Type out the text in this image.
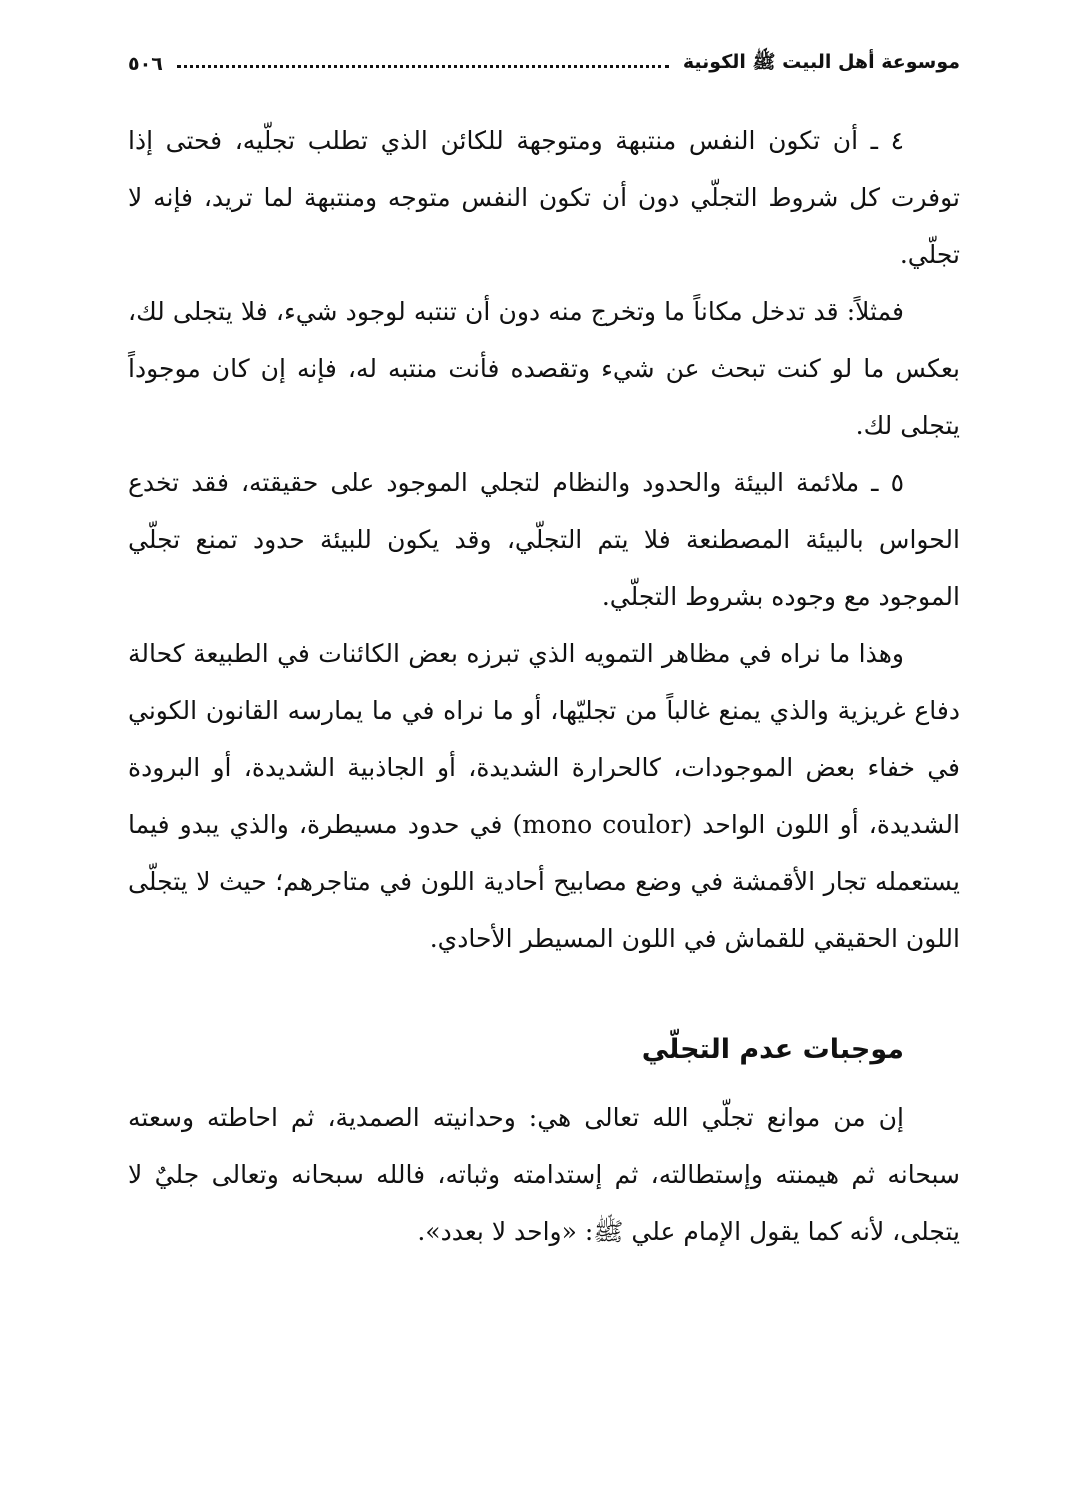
٥٠٦	موسوعة أهل البيت ﷺ الكونية

٤ ـ أن تكون النفس منتبهة ومتوجهة للكائن الذي تطلب تجلّيه، فحتى إذا توفرت كل شروط التجلّي دون أن تكون النفس متوجه ومنتبهة لما تريد، فإنه لا تجلّي.

فمثلاً: قد تدخل مكاناً ما وتخرج منه دون أن تنتبه لوجود شيء، فلا يتجلى لك، بعكس ما لو كنت تبحث عن شيء وتقصده فأنت منتبه له، فإنه إن كان موجوداً يتجلى لك.

٥ ـ ملائمة البيئة والحدود والنظام لتجلي الموجود على حقيقته، فقد تخدع الحواس بالبيئة المصطنعة فلا يتم التجلّي، وقد يكون للبيئة حدود تمنع تجلّي الموجود مع وجوده بشروط التجلّي.

وهذا ما نراه في مظاهر التمويه الذي تبرزه بعض الكائنات في الطبيعة كحالة دفاع غريزية والذي يمنع غالباً من تجليّها، أو ما نراه في ما يمارسه القانون الكوني في خفاء بعض الموجودات، كالحرارة الشديدة، أو الجاذبية الشديدة، أو البرودة الشديدة، أو اللون الواحد (mono coulor) في حدود مسيطرة، والذي يبدو فيما يستعمله تجار الأقمشة في وضع مصابيح أحادية اللون في متاجرهم؛ حيث لا يتجلّى اللون الحقيقي للقماش في اللون المسيطر الأحادي.

موجبات عدم التجلّي

إن من موانع تجلّي الله تعالى هي: وحدانيته الصمدية، ثم احاطته وسعته سبحانه ثم هيمنته وإستطالته، ثم إستدامته وثباته، فالله سبحانه وتعالى جليٌ لا يتجلى، لأنه كما يقول الإمام علي ﷺ: «واحد لا بعدد».
